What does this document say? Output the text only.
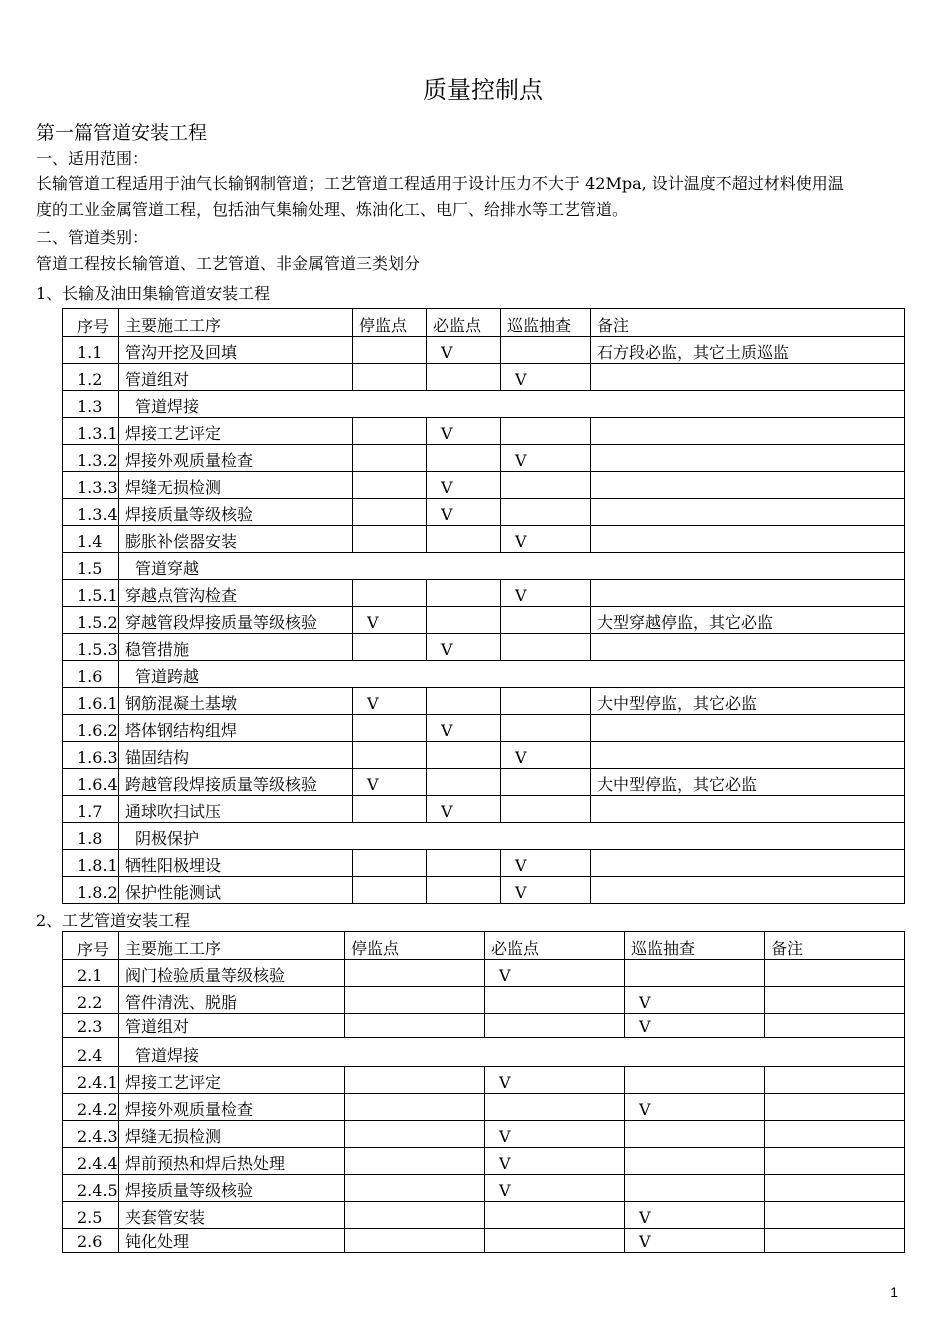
质量控制点
第一篇管道安装工程
一、适用范围：
长输管道工程适用于油气长输钢制管道；工艺管道工程适用于设计压力不大于 42Mpa, 设计温度不超过材料使用温
度的工业金属管道工程，包括油气集输处理、炼油化工、电厂、给排水等工艺管道。
二、管道类别：
管道工程按长输管道、工艺管道、非金属管道三类划分
1、长输及油田集输管道安装工程
序号	主要施工工序	停监点	必监点	巡监抽查	备注
1.1	管沟开挖及回填		V		石方段必监，其它土质巡监
1.2	管道组对			V	
1.3	管道焊接				
1.3.1	焊接工艺评定		V		
1.3.2	焊接外观质量检查			V	
1.3.3	焊缝无损检测		V		
1.3.4	焊接质量等级核验		V		
1.4	膨胀补偿器安装			V	
1.5	管道穿越				
1.5.1	穿越点管沟检查			V	
1.5.2	穿越管段焊接质量等级核验	V			大型穿越停监，其它必监
1.5.3	稳管措施		V		
1.6	管道跨越				
1.6.1	钢筋混凝土基墩	V			大中型停监，其它必监
1.6.2	塔体钢结构组焊		V		
1.6.3	锚固结构			V	
1.6.4	跨越管段焊接质量等级核验	V			大中型停监，其它必监
1.7	通球吹扫试压		V		
1.8	阴极保护				
1.8.1	牺牲阳极埋设			V	
1.8.2	保护性能测试			V	
2、工艺管道安装工程
序号	主要施工工序	停监点	必监点	巡监抽查	备注
2.1	阀门检验质量等级核验		V		
2.2	管件清洗、脱脂			V	
2.3	管道组对			V	
2.4	管道焊接				
2.4.1	焊接工艺评定		V		
2.4.2	焊接外观质量检查			V	
2.4.3	焊缝无损检测		V		
2.4.4	焊前预热和焊后热处理		V		
2.4.5	焊接质量等级核验		V		
2.5	夹套管安装			V	
2.6	钝化处理			V	
1
